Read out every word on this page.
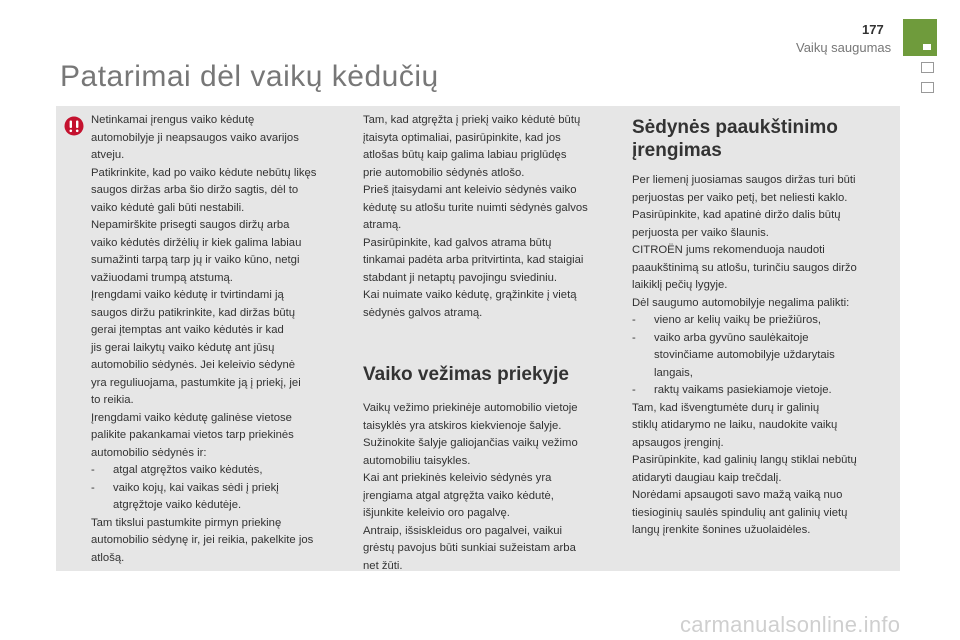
177
Vaikų saugumas
Patarimai dėl vaikų kėdučių

Netinkamai įrengus vaiko kėdutę

automobilyje ji neapsaugos vaiko avarijos

atveju.

Patikrinkite, kad po vaiko kėdute nebūtų likęs

saugos diržas arba šio diržo sagtis, dėl to

vaiko kėdutė gali būti nestabili.

Nepamirškite prisegti saugos diržų arba

vaiko kėdutės diržėlių ir kiek galima labiau

sumažinti tarpą tarp jų ir vaiko kūno, netgi

važiuodami trumpą atstumą.

Įrengdami vaiko kėdutę ir tvirtindami ją

saugos diržu patikrinkite, kad diržas būtų

gerai įtemptas ant vaiko kėdutės ir kad

jis gerai laikytų vaiko kėdutę ant jūsų

automobilio sėdynės. Jei keleivio sėdynė

yra reguliuojama, pastumkite ją į priekį, jei

to reikia.

Įrengdami vaiko kėdutę galinėse vietose

palikite pakankamai vietos tarp priekinės

automobilio sėdynės ir:

-	atgal atgręžtos vaiko kėdutės,
-	vaiko kojų, kai vaikas sėdi į priekį
atgręžtoje vaiko kėdutėje.

Tam tikslui pastumkite pirmyn priekinę

automobilio sėdynę ir, jei reikia, pakelkite jos

atlošą.

Tam, kad atgręžta į priekį vaiko kėdutė būtų

įtaisyta optimaliai, pasirūpinkite, kad jos

atlošas būtų kaip galima labiau priglūdęs

prie automobilio sėdynės atlošo.

Prieš įtaisydami ant keleivio sėdynės vaiko

kėdutę su atlošu turite nuimti sėdynės galvos

atramą.

Pasirūpinkite, kad galvos atrama būtų

tinkamai padėta arba pritvirtinta, kad staigiai

stabdant ji netaptų pavojingu sviediniu.

Kai nuimate vaiko kėdutę, grąžinkite į vietą

sėdynės galvos atramą.

Vaiko vežimas priekyje

Vaikų vežimo priekinėje automobilio vietoje

taisyklės yra atskiros kiekvienoje šalyje.

Sužinokite šalyje galiojančias vaikų vežimo

automobiliu taisykles.

Kai ant priekinės keleivio sėdynės yra

įrengiama atgal atgręžta vaiko kėdutė,

išjunkite keleivio oro pagalvę.

Antraip, išsiskleidus oro pagalvei, vaikui

grėstų pavojus būti sunkiai sužeistam arba

net žūti.

Sėdynės paaukštinimo
įrengimas

Per liemenį juosiamas saugos diržas turi būti

perjuostas per vaiko petį, bet neliesti kaklo.

Pasirūpinkite, kad apatinė diržo dalis būtų

perjuosta per vaiko šlaunis.

CITROËN jums rekomenduoja naudoti

paaukštinimą su atlošu, turinčiu saugos diržo

laikiklį pečių lygyje.

Dėl saugumo automobilyje negalima palikti:

-	vieno ar kelių vaikų be priežiūros,
-	vaiko arba gyvūno saulėkaitoje
stovinčiame automobilyje uždarytais
langais,
-	raktų vaikams pasiekiamoje vietoje.

Tam, kad išvengtumėte durų ir galinių

stiklų atidarymo ne laiku, naudokite vaikų

apsaugos įrenginį.

Pasirūpinkite, kad galinių langų stiklai nebūtų

atidaryti daugiau kaip trečdalį.

Norėdami apsaugoti savo mažą vaiką nuo

tiesioginių saulės spindulių ant galinių vietų

langų įrenkite šonines užuolaidėles.

carmanualsonline.info
